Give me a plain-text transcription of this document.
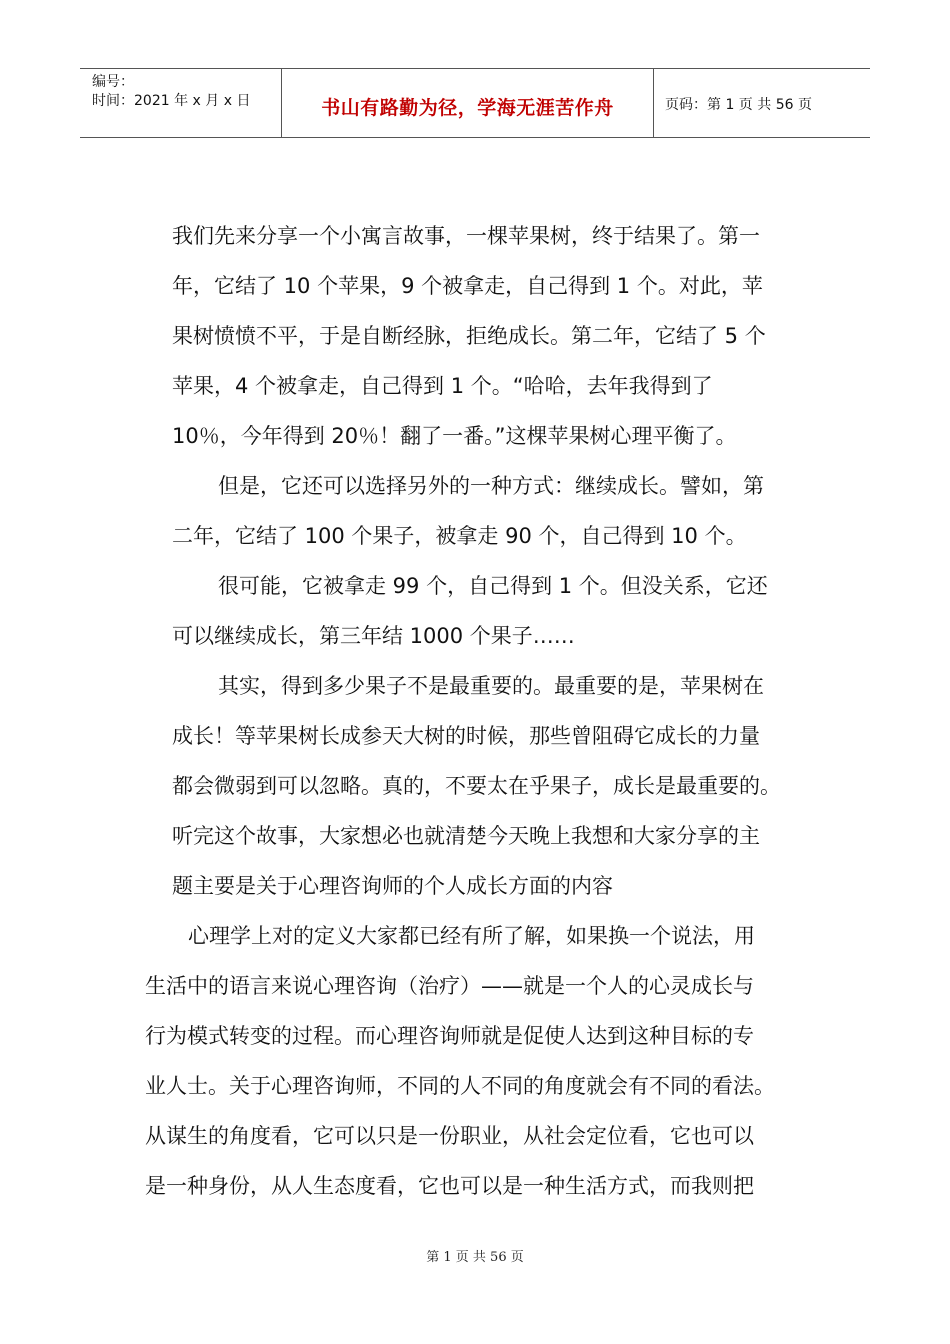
编号：
时间：2021 年 x 月 x 日	书山有路勤为径，学海无涯苦作舟	页码：第 1 页 共 56 页
我们先来分享一个小寓言故事，一棵苹果树，终于结果了。第一
年，它结了 10 个苹果，9 个被拿走，自己得到 1 个。对此，苹
果树愤愤不平，于是自断经脉，拒绝成长。第二年，它结了 5 个
苹果，4 个被拿走，自己得到 1 个。“哈哈，去年我得到了
10％，今年得到 20％！翻了一番。”这棵苹果树心理平衡了。
但是，它还可以选择另外的一种方式：继续成长。譬如，第
二年，它结了 100 个果子，被拿走 90 个，自己得到 10 个。
很可能，它被拿走 99 个，自己得到 1 个。但没关系，它还
可以继续成长，第三年结 1000 个果子……
其实，得到多少果子不是最重要的。最重要的是，苹果树在
成长！等苹果树长成参天大树的时候，那些曾阻碍它成长的力量
都会微弱到可以忽略。真的，不要太在乎果子，成长是最重要的。
听完这个故事，大家想必也就清楚今天晚上我想和大家分享的主
题主要是关于心理咨询师的个人成长方面的内容
心理学上对的定义大家都已经有所了解，如果换一个说法，用
生活中的语言来说心理咨询（治疗）——就是一个人的心灵成长与
行为模式转变的过程。而心理咨询师就是促使人达到这种目标的专
业人士。关于心理咨询师，不同的人不同的角度就会有不同的看法。
从谋生的角度看，它可以只是一份职业，从社会定位看，它也可以
是一种身份，从人生态度看，它也可以是一种生活方式，而我则把
第 1 页 共 56 页
